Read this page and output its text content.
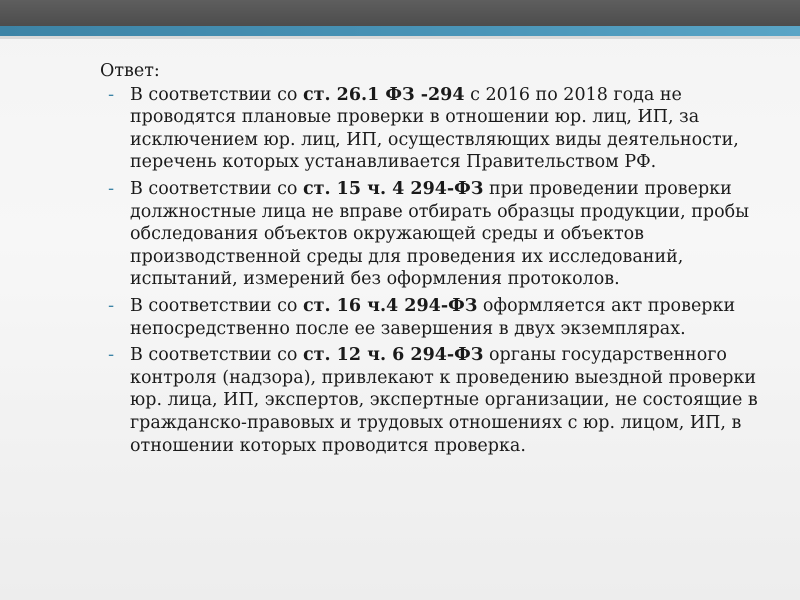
Ответ:
- В соответствии со ст. 26.1 ФЗ -294 с 2016 по 2018 года не проводятся плановые проверки в отношении юр. лиц, ИП, за исключением юр. лиц, ИП, осуществляющих виды деятельности, перечень которых устанавливается Правительством РФ.
- В соответствии со ст. 15 ч. 4 294-ФЗ при проведении проверки должностные лица не вправе отбирать образцы продукции, пробы обследования объектов окружающей среды и объектов производственной среды для проведения их исследований, испытаний, измерений без оформления протоколов.
- В соответствии со ст. 16 ч.4 294-ФЗ оформляется акт проверки непосредственно после ее завершения в двух экземплярах.
- В соответствии со ст. 12 ч. 6 294-ФЗ органы государственного контроля (надзора), привлекают к проведению выездной проверки юр. лица, ИП, экспертов, экспертные организации, не состоящие в гражданско-правовых и трудовых отношениях с юр. лицом, ИП, в отношении которых проводится проверка.
